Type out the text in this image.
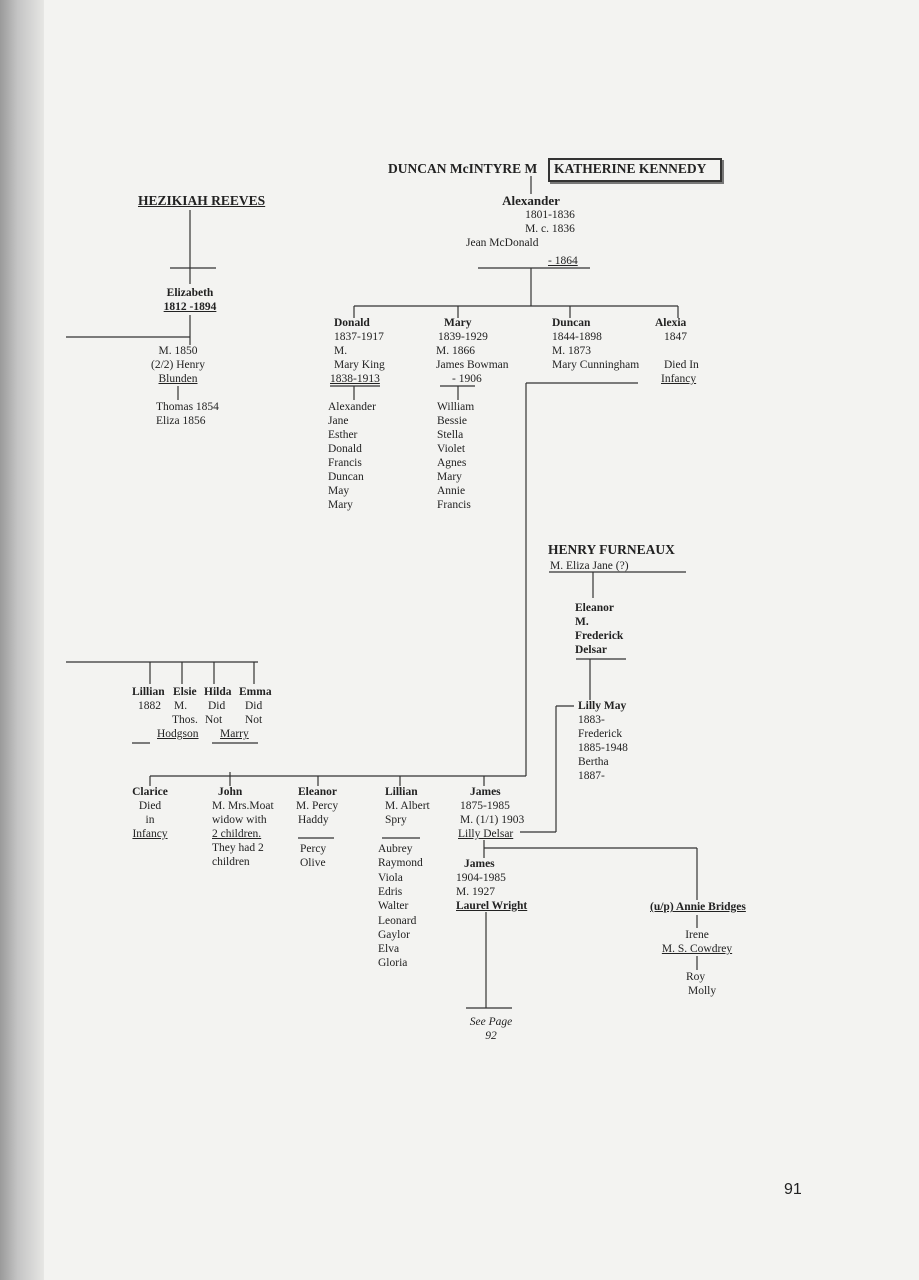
DUNCAN McINTYRE M KATHERINE KENNEDY
Alexander
1801-1836
M. c. 1836
Jean McDonald
- 1864
HEZIKIAH REEVES
Elizabeth
1812 -1894
M. 1850
(2/2) Henry
Blunden
Thomas 1854
Eliza 1856
Donald
1837-1917
M.
Mary King
1838-1913
Mary
1839-1929
M. 1866
James Bowman
- 1906
Duncan
1844-1898
M. 1873
Mary Cunningham
Alexia
1847
Died In
Infancy
Alexander
Jane
Esther
Donald
Francis
Duncan
May
Mary
William
Bessie
Stella
Violet
Agnes
Mary
Annie
Francis
HENRY FURNEAUX
M. Eliza Jane (?)
Eleanor
M.
Frederick
Delsar
Lilly May
1883-
Frederick
1885-1948
Bertha
1887-
Lillian Elsie Hilda Emma
1882 M. Did Did
Thos. Not Not
Hodgson Marry
Clarice
Died
in
Infancy
John
M. Mrs.Moat
widow with
2 children.
They had 2
children
Eleanor
M. Percy
Haddy
Percy
Olive
Lillian
M. Albert
Spry
Aubrey
Raymond
Viola
Edris
Walter
Leonard
Gaylor
Elva
Gloria
James
1875-1985
M. (1/1) 1903
Lilly Delsar
James
1904-1985
M. 1927
Laurel Wright
See Page
92
(u/p) Annie Bridges
Irene
M. S. Cowdrey
Roy
Molly
91
